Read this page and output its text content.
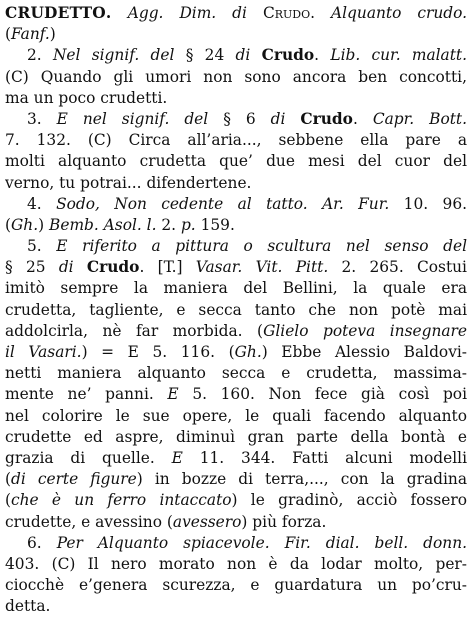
CRUDETTO. Agg. Dim. di Crudo. Alquanto crudo.
(Fanf.)
2. Nel signif. del § 24 di Crudo. Lib. cur. malatt.
(C) Quando gli umori non sono ancora ben concotti,
ma un poco crudetti.
3. E nel signif. del § 6 di Crudo. Capr. Bott.
7. 132. (C) Circa all’aria..., sebbene ella pare a
molti alquanto crudetta que’ due mesi del cuor del
verno, tu potrai... difendertene.
4. Sodo, Non cedente al tatto. Ar. Fur. 10. 96.
(Gh.) Bemb. Asol. l. 2. p. 159.
5. E riferito a pittura o scultura nel senso del
§ 25 di Crudo. [T.] Vasar. Vit. Pitt. 2. 265. Costui
imitò sempre la maniera del Bellini, la quale era
crudetta, tagliente, e secca tanto che non potè mai
addolcirla, nè far morbida. (Glielo poteva insegnare
il Vasari.) = E 5. 116. (Gh.) Ebbe Alessio Baldovi-
netti maniera alquanto secca e crudetta, massima-
mente ne’ panni. E 5. 160. Non fece già così poi
nel colorire le sue opere, le quali facendo alquanto
crudette ed aspre, diminuì gran parte della bontà e
grazia di quelle. E 11. 344. Fatti alcuni modelli
(di certe figure) in bozze di terra,..., con la gradina
(che è un ferro intaccato) le gradinò, acciò fossero
crudette, e avessino (avessero) più forza.
6. Per Alquanto spiacevole. Fir. dial. bell. donn.
403. (C) Il nero morato non è da lodar molto, per-
ciocchè e’genera scurezza, e guardatura un po’cru-
detta.
